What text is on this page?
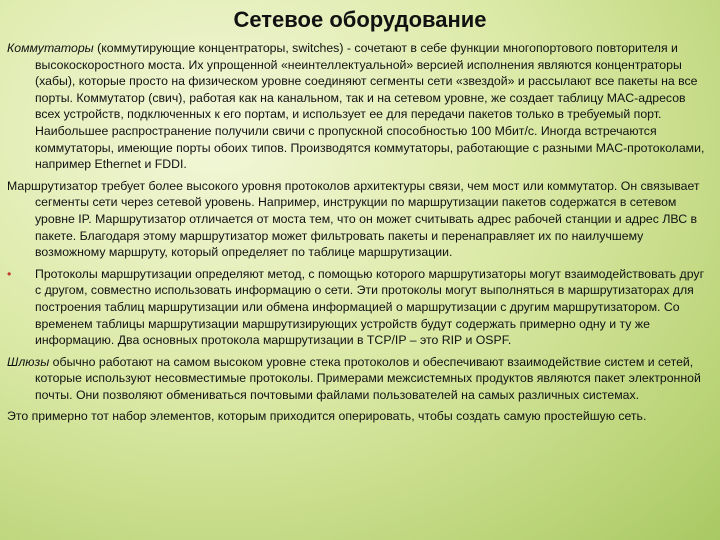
Сетевое оборудование

Коммутаторы (коммутирующие концентраторы, switches) - сочетают в себе функции многопортового повторителя и высокоскоростного моста. Их упрощенной «неинтеллектуальной» версией исполнения являются концентраторы (хабы), которые просто на физическом уровне соединяют сегменты сети «звездой» и рассылают все пакеты на все порты. Коммутатор (свич), работая как на канальном, так и на сетевом уровне, же создает таблицу MAC-адресов всех устройств, подключенных к его портам, и использует ее для передачи пакетов только в требуемый порт. Наибольшее распространение получили свичи с пропускной способностью 100 Мбит/с. Иногда встречаются коммутаторы, имеющие порты обоих типов. Производятся коммутаторы, работающие с разными MAC-протоколами, например Ethernet и FDDI.

Маршрутизатор требует более высокого уровня протоколов архитектуры связи, чем мост или коммутатор. Он связывает сегменты сети через сетевой уровень. Например, инструкции по маршрутизации пакетов содержатся в сетевом уровне IP. Маршрутизатор отличается от моста тем, что он может считывать адрес рабочей станции и адрес ЛВС в пакете. Благодаря этому маршрутизатор может фильтровать пакеты и перенаправляет их по наилучшему возможному маршруту, который определяет по таблице маршрутизации.

• Протоколы маршрутизации определяют метод, с помощью которого маршрутизаторы могут взаимодействовать друг с другом, совместно использовать информацию о сети. Эти протоколы могут выполняться в маршрутизаторах для построения таблиц маршрутизации или обмена информацией о маршрутизации с другим маршрутизатором. Со временем таблицы маршрутизации маршрутизирующих устройств будут содержать примерно одну и ту же информацию. Два основных протокола маршрутизации в TCP/IP – это RIP и OSPF.

Шлюзы обычно работают на самом высоком уровне стека протоколов и обеспечивают взаимодействие систем и сетей, которые используют несовместимые протоколы. Примерами межсистемных продуктов являются пакет электронной почты. Они позволяют обмениваться почтовыми файлами пользователей на самых различных системах.

Это примерно тот набор элементов, которым приходится оперировать, чтобы создать самую простейшую сеть.
